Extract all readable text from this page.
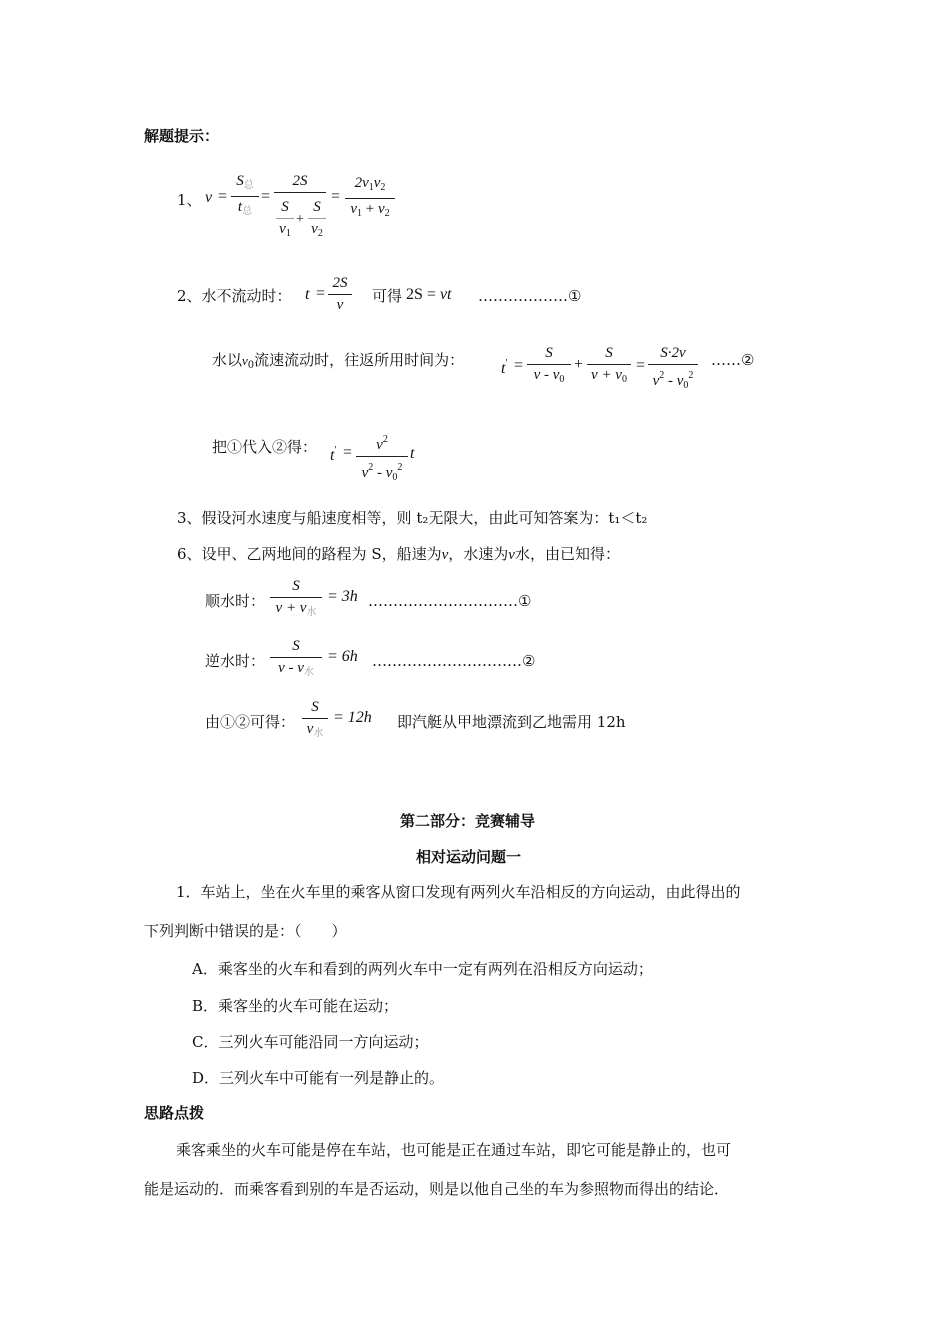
解题提示：
1、 v =
$S_总$
$t_总$
=
2S
S
$v_1$
+
S
$v_2$
=
$2v_1v_2$
$v_1 + v_2$
2、水不流动时： t =
2S
v	可得 2S = vt ………………①
水以$v_0$流速流动时，往返所用时间为： t′ =
S
v - $v_0$
+
S
$v + v_0$
=
S·2v
$v^2 - v_0^2$
……②
把①代入②得： t′ =	$v^2$
$v^2 - v_0^2$
t
3、假设河水速度与船速度相等，则 t₂无限大，由此可知答案为：t₁＜t₂
6、设甲、乙两地间的路程为 S，船速为v，水速为v水，由已知得：
顺水时：
S
$v + v_水$
= 3h …………………………①
逆水时：
S
v - $v_水$
= 6h …………………………②
由①②可得：
S
$v_水$
= 12h 即汽艇从甲地漂流到乙地需用 12h
第二部分：竞赛辅导
相对运动问题一
1．车站上，坐在火车里的乘客从窗口发现有两列火车沿相反的方向运动，由此得出的
下列判断中错误的是：（　　）
A．乘客坐的火车和看到的两列火车中一定有两列在沿相反方向运动；
B．乘客坐的火车可能在运动；
C．三列火车可能沿同一方向运动；
D．三列火车中可能有一列是静止的。
思路点拨
乘客乘坐的火车可能是停在车站，也可能是正在通过车站，即它可能是静止的，也可
能是运动的．而乘客看到别的车是否运动，则是以他自己坐的车为参照物而得出的结论．
